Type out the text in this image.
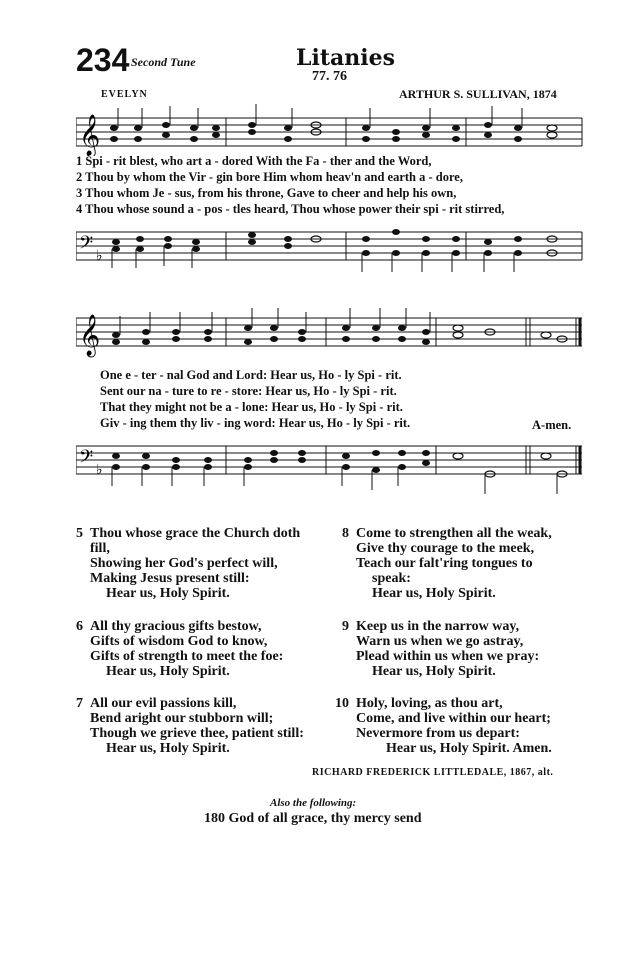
234 Second Tune	Litanies
77. 76
EVELYN	ARTHUR S. SULLIVAN, 1874
𝄞
1 Spi - rit blest, who art a - dored With the Fa - ther and the Word,
2 Thou by whom the Vir - gin bore Him whom heav'n and earth a - dore,
3 Thou whom Je - sus, from his throne, Gave to cheer and help his own,
4 Thou whose sound a - pos - tles heard, Thou whose power their spi - rit stirred,
𝄢 ♭
𝄞
One e - ter - nal God and Lord: Hear us, Ho - ly Spi - rit.
Sent our na - ture to re - store: Hear us, Ho - ly Spi - rit.
That they might not be a - lone: Hear us, Ho - ly Spi - rit.
Giv - ing them thy liv - ing word: Hear us, Ho - ly Spi - rit.	A-men.
𝄢 ♭
5 Thou whose grace the Church doth
fill,
Showing her God's perfect will,
Making Jesus present still:
Hear us, Holy Spirit.
6 All thy gracious gifts bestow,
Gifts of wisdom God to know,
Gifts of strength to meet the foe:
Hear us, Holy Spirit.
7 All our evil passions kill,
Bend aright our stubborn will;
Though we grieve thee, patient still:
Hear us, Holy Spirit.
8 Come to strengthen all the weak,
Give thy courage to the meek,
Teach our falt'ring tongues to
speak:
Hear us, Holy Spirit.
9 Keep us in the narrow way,
Warn us when we go astray,
Plead within us when we pray:
Hear us, Holy Spirit.
10 Holy, loving, as thou art,
Come, and live within our heart;
Nevermore from us depart:
Hear us, Holy Spirit. Amen.
RICHARD FREDERICK LITTLEDALE, 1867, alt.
Also the following:
180 God of all grace, thy mercy send
